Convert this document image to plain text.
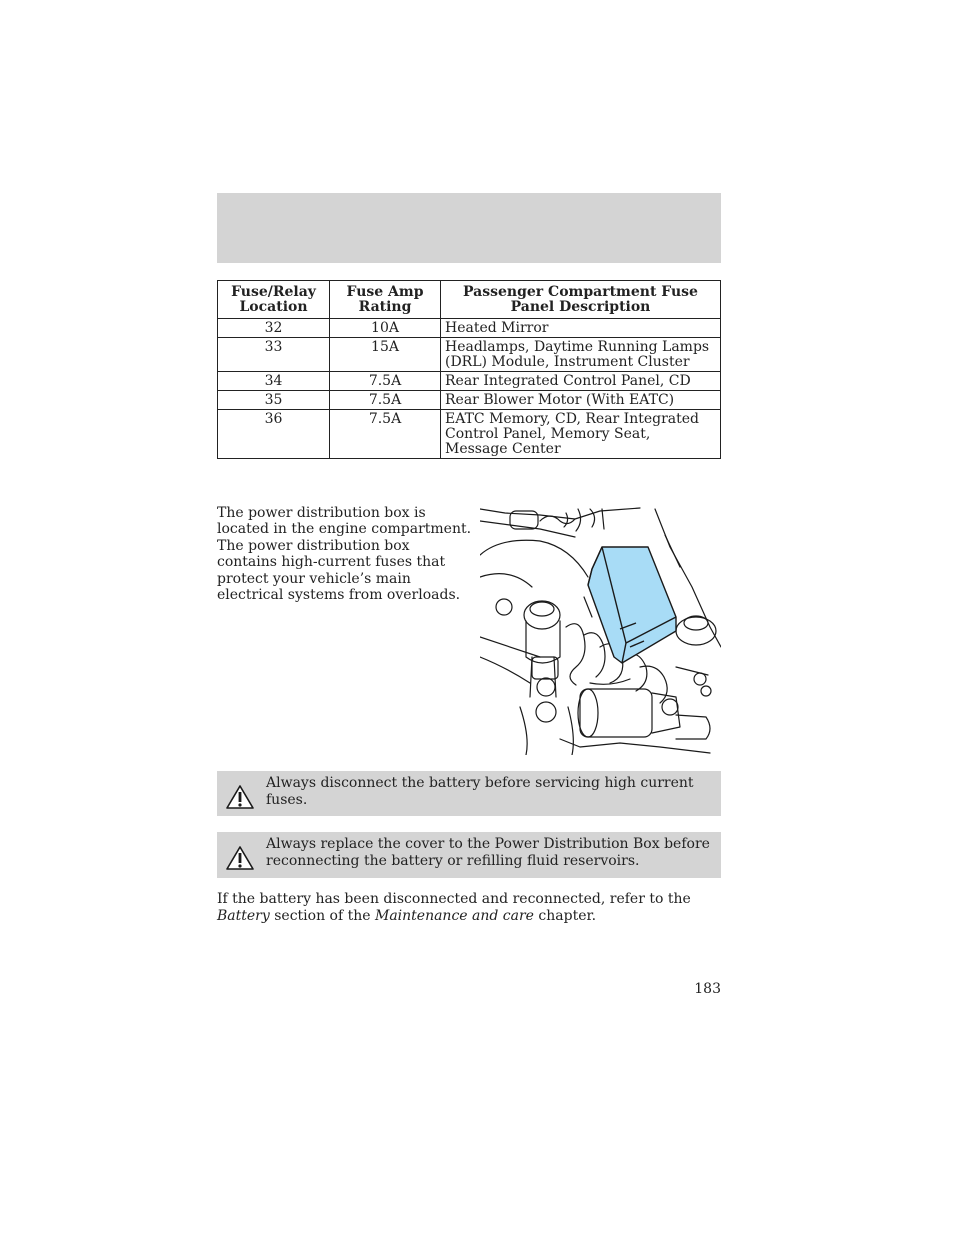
Fuse/Relay Location	Fuse Amp Rating	Passenger Compartment Fuse Panel Description
32	10A	Heated Mirror
33	15A	Headlamps, Daytime Running Lamps (DRL) Module, Instrument Cluster
34	7.5A	Rear Integrated Control Panel, CD
35	7.5A	Rear Blower Motor (With EATC)
36	7.5A	EATC Memory, CD, Rear Integrated Control Panel, Memory Seat, Message Center

The power distribution box is located in the engine compartment. The power distribution box contains high-current fuses that protect your vehicle’s main electrical systems from overloads.

Always disconnect the battery before servicing high current fuses.

Always replace the cover to the Power Distribution Box before reconnecting the battery or refilling fluid reservoirs.

If the battery has been disconnected and reconnected, refer to the Battery section of the Maintenance and care chapter.

183
